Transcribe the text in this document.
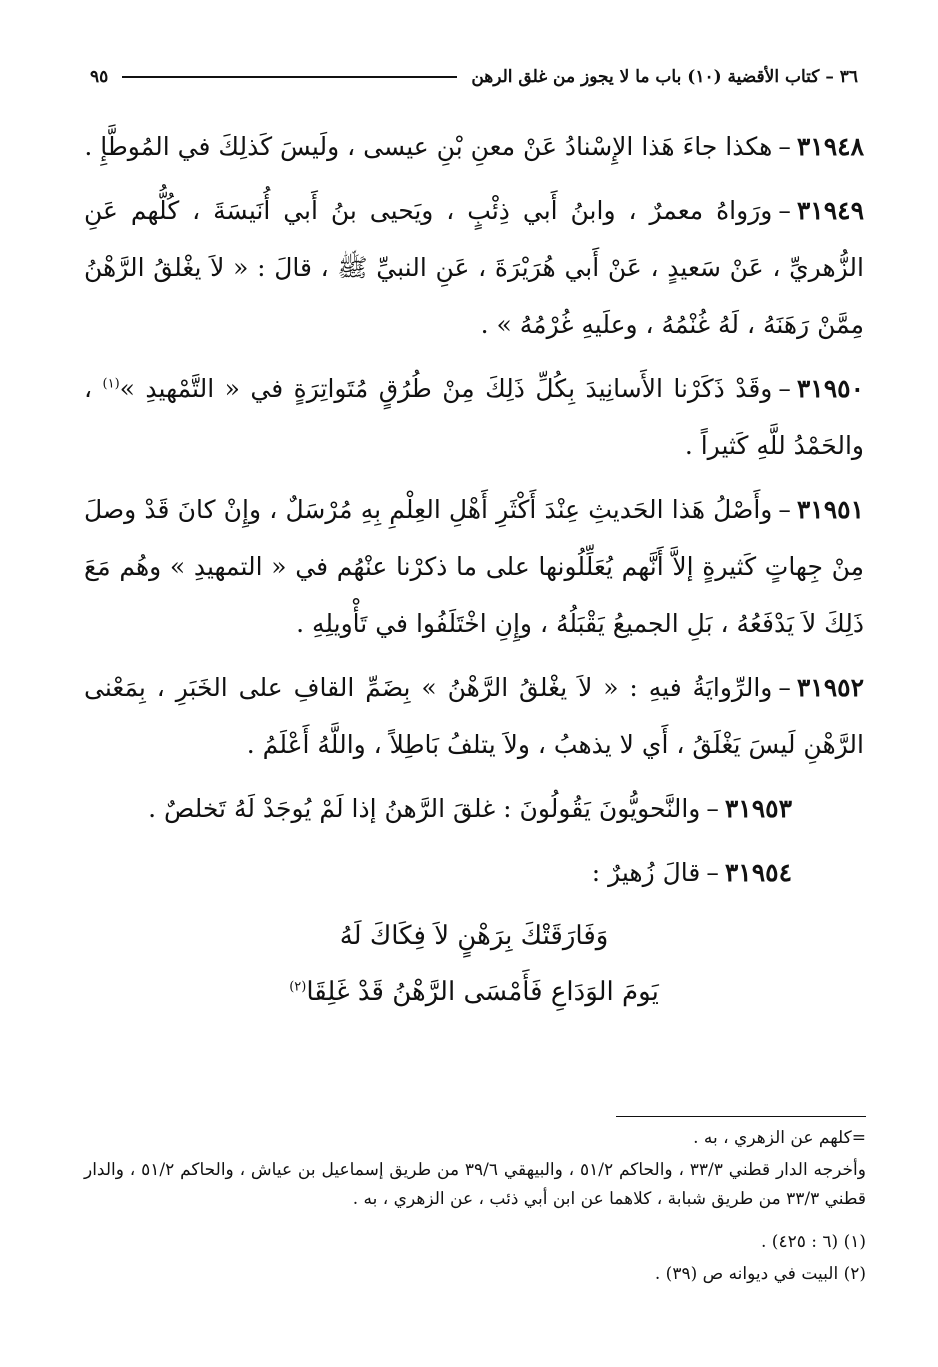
٣٦ – كتاب الأقضية (١٠) باب ما لا يجوز من غلق الرهن
٩٥

٣١٩٤٨–هكذا جاءَ هَذا الإِسْنادُ عَنْ معنِ بْنِ عيسى ، ولَيسَ كَذلِكَ في المُوطَّإِ .

٣١٩٤٩–ورَواهُ معمرٌ ، وابنُ أَبي ذِئْبٍ ، ويَحيى بنُ أَبي أُنَيسَةَ ، كُلُّهم عَنِ الزُّهريِّ ، عَنْ سَعيدٍ ، عَنْ أَبي هُرَيْرَةَ ، عَنِ النبيِّ ﷺ ، قالَ : « لاَ يغْلقُ الرَّهْنُ مِمَّنْ رَهَنَهُ ، لَهُ غُنْمُهُ ، وعلَيهِ غُرْمُهُ » .

٣١٩٥٠–وقَدْ ذَكَرْنا الأَسانِيدَ بِكُلِّ ذَلِكَ مِنْ طُرُقٍ مُتَواتِرَةٍ في « التَّمْهيدِ »$^{(١)}$ ، والحَمْدُ للَّهِ كَثيراً .

٣١٩٥١–وأَصْلُ هَذا الحَديثِ عِنْدَ أَكْثَرِ أَهْلِ العِلْمِ بِهِ مُرْسَلٌ ، وإِنْ كانَ قَدْ وصلَ مِنْ جِهاتٍ كَثيرةٍ إلاَّ أَنَّهم يُعَلِّلُونها على ما ذكرْنا عنْهُم في « التمهيدِ » وهُم مَعَ ذَلِكَ لاَ يَدْفَعُهُ ، بَلِ الجميعُ يَقْبَلُهُ ، وإِنِ اخْتَلَفُوا في تَأْويلِهِ .

٣١٩٥٢–والرِّوايَةُ فيهِ : « لاَ يغْلقُ الرَّهْنُ » بِضَمِّ القافِ على الخَبَرِ ، بِمَعْنى الرَّهْنِ لَيسَ يَغْلَقُ ، أَي لا يذهبُ ، ولاَ يتلفُ بَاطِلاً ، واللَّهُ أَعْلَمُ .

٣١٩٥٣–والنَّحويُّونَ يَقُولُونَ : غلقَ الرَّهنُ إذا لَمْ يُوجَدْ لَهُ تَخلصٌ .

٣١٩٥٤–قالَ زُهيرٌ :

وَفَارَقَتْكَ بِرَهْنٍ لاَ فِكَاكَ لَهُ
يَومَ الوَدَاعِ فَأَمْسَى الرَّهْنُ قَدْ غَلِقَا$^{(٢)}$

=كلهم عن الزهري ، به .

وأخرجه الدار قطني ٣٣/٣ ، والحاكم ٥١/٢ ، والبيهقي ٣٩/٦ من طريق إسماعيل بن عياش ، والحاكم ٥١/٢ ، والدار قطني ٣٣/٣ من طريق شبابة ، كلاهما عن ابن أبي ذئب ، عن الزهري ، به .

(١) (٦ : ٤٢٥) .

(٢) البيت في ديوانه ص (٣٩) .
